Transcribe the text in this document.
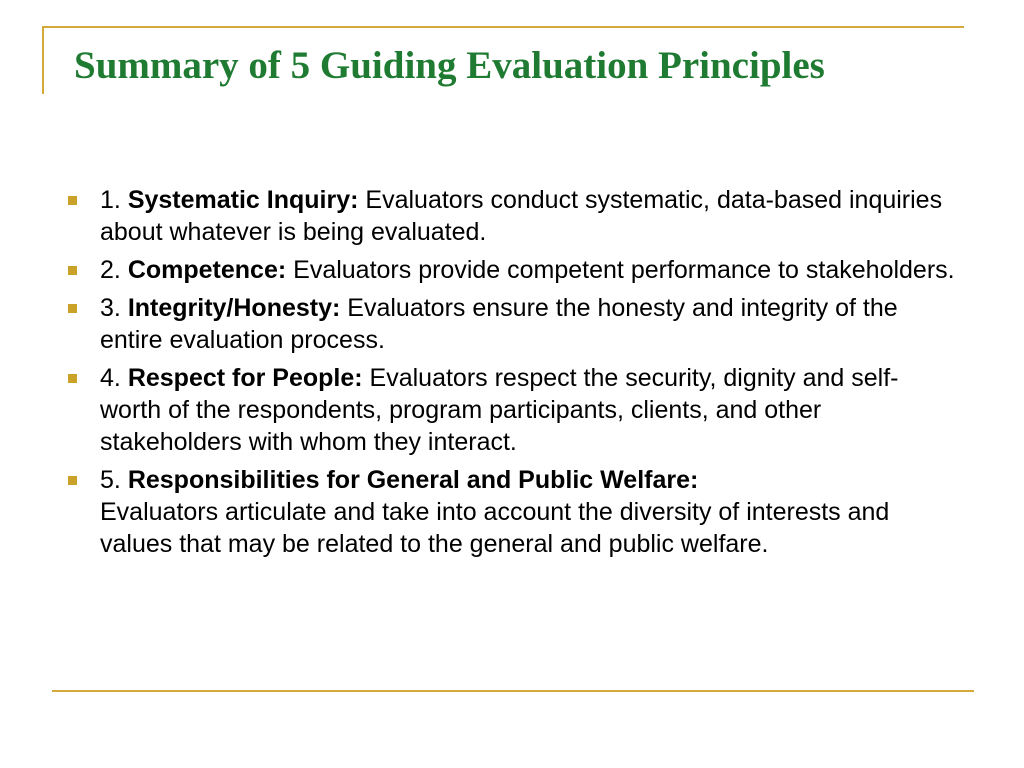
Summary of 5 Guiding Evaluation Principles
1. Systematic Inquiry: Evaluators conduct systematic, data-based inquiries about whatever is being evaluated.
2. Competence: Evaluators provide competent performance to stakeholders.
3. Integrity/Honesty: Evaluators ensure the honesty and integrity of the entire evaluation process.
4. Respect for People: Evaluators respect the security, dignity and self-worth of the respondents, program participants, clients, and other stakeholders with whom they interact.
5. Responsibilities for General and Public Welfare:
Evaluators articulate and take into account the diversity of interests and values that may be related to the general and public welfare.
